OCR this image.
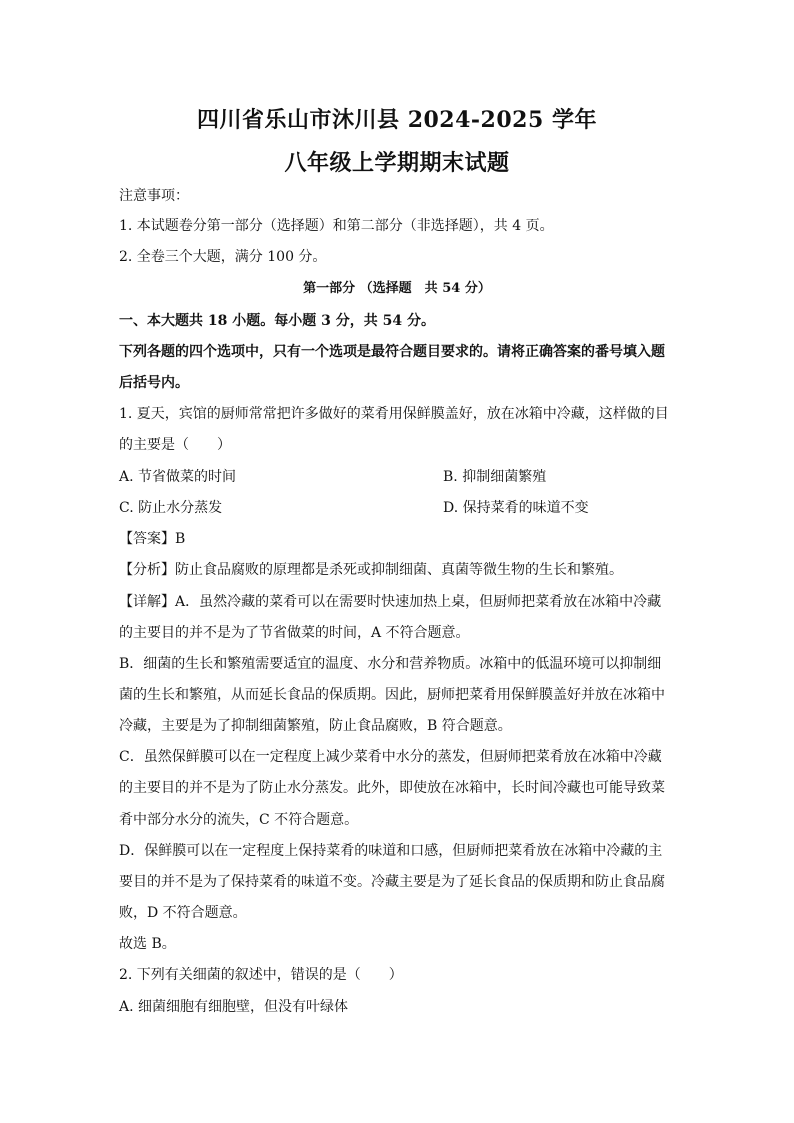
四川省乐山市沐川县 2024-2025 学年
八年级上学期期末试题
注意事项：
1. 本试题卷分第一部分（选择题）和第二部分（非选择题），共 4 页。
2. 全卷三个大题，满分 100 分。
第一部分 （选择题　共 54 分）
一、本大题共 18 小题。每小题 3 分，共 54 分。
下列各题的四个选项中，只有一个选项是最符合题目要求的。请将正确答案的番号填入题
后括号内。
1. 夏天，宾馆的厨师常常把许多做好的菜肴用保鲜膜盖好，放在冰箱中冷藏，这样做的目
的主要是（　　）
A. 节省做菜的时间	B. 抑制细菌繁殖
C. 防止水分蒸发	D. 保持菜肴的味道不变
【答案】B
【分析】防止食品腐败的原理都是杀死或抑制细菌、真菌等微生物的生长和繁殖。
【详解】A．虽然冷藏的菜肴可以在需要时快速加热上桌，但厨师把菜肴放在冰箱中冷藏
的主要目的并不是为了节省做菜的时间，A 不符合题意。
B．细菌的生长和繁殖需要适宜的温度、水分和营养物质。冰箱中的低温环境可以抑制细
菌的生长和繁殖，从而延长食品的保质期。因此，厨师把菜肴用保鲜膜盖好并放在冰箱中
冷藏，主要是为了抑制细菌繁殖，防止食品腐败，B 符合题意。
C．虽然保鲜膜可以在一定程度上减少菜肴中水分的蒸发，但厨师把菜肴放在冰箱中冷藏
的主要目的并不是为了防止水分蒸发。此外，即使放在冰箱中，长时间冷藏也可能导致菜
肴中部分水分的流失，C 不符合题意。
D．保鲜膜可以在一定程度上保持菜肴的味道和口感，但厨师把菜肴放在冰箱中冷藏的主
要目的并不是为了保持菜肴的味道不变。冷藏主要是为了延长食品的保质期和防止食品腐
败，D 不符合题意。
故选 B。
2. 下列有关细菌的叙述中，错误的是（　　）
A. 细菌细胞有细胞壁，但没有叶绿体
